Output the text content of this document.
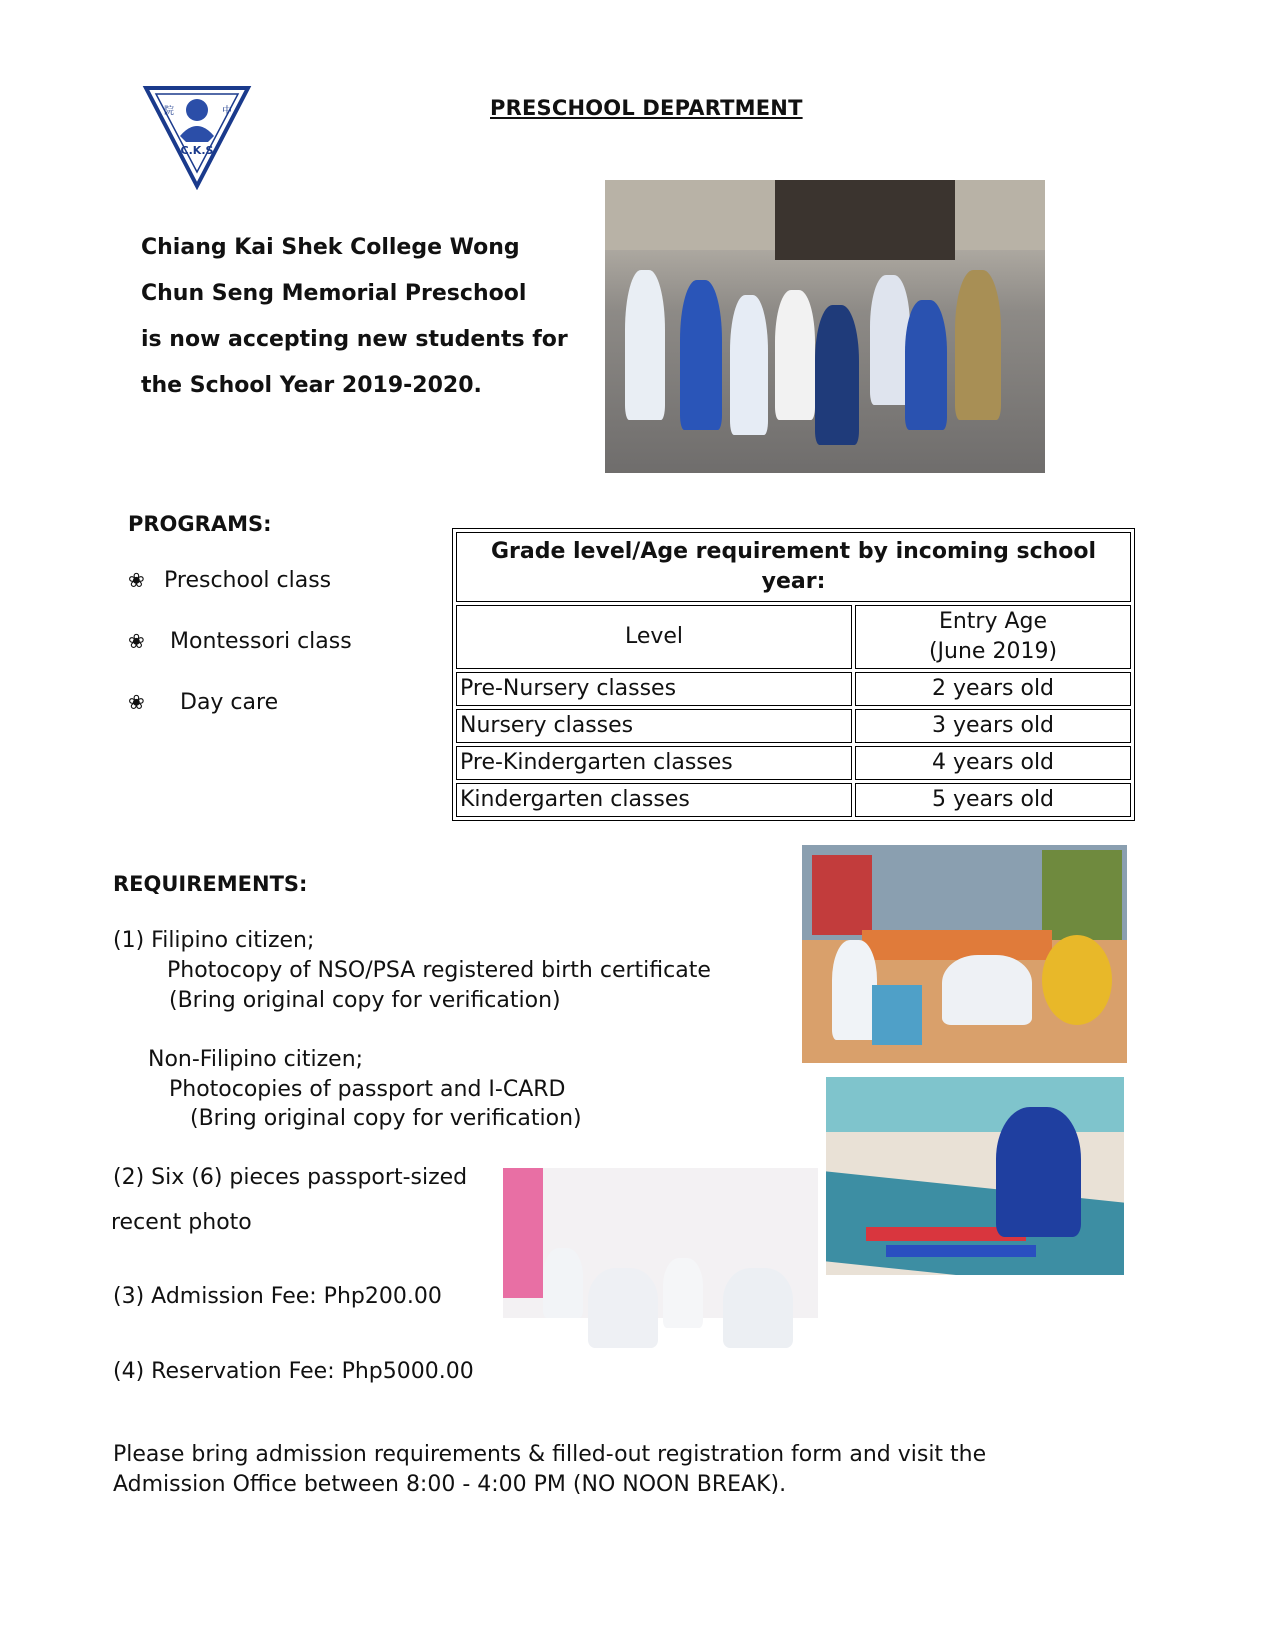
PRESCHOOL DEPARTMENT
C.K.S
院	中
Chiang Kai Shek College Wong
Chun Seng Memorial Preschool
is now accepting new students for
the School Year 2019-2020.
PROGRAMS:
❀ Preschool class
❀ Montessori class
❀ Day care
Grade level/Age requirement by incoming school year:	
Level	Entry Age
(June 2019)

Pre-Nursery classes	2 years old
Nursery classes	3 years old
Pre-Kindergarten classes	4 years old
Kindergarten classes	5 years old
REQUIREMENTS:
(1) Filipino citizen;
Photocopy of NSO/PSA registered birth certificate
(Bring original copy for verification)
Non-Filipino citizen;
Photocopies of passport and I-CARD
(Bring original copy for verification)
(2) Six (6) pieces passport-sized
recent photo
(3) Admission Fee: Php200.00
(4) Reservation Fee: Php5000.00
Please bring admission requirements & filled-out registration form and visit the
Admission Office between 8:00 - 4:00 PM (NO NOON BREAK).
